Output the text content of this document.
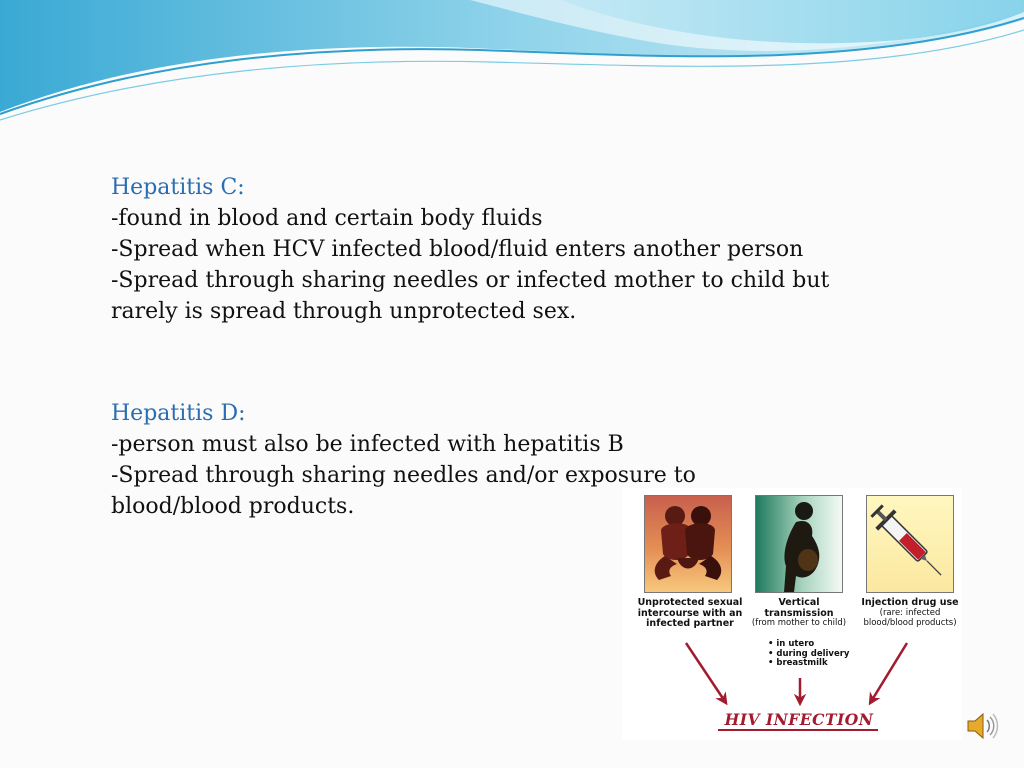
Hepatitis C:

-found in blood and certain body fluids

-Spread when HCV infected blood/fluid enters another person

-Spread through sharing needles or infected mother to child but rarely is spread through unprotected sex.

Hepatitis D:

-person must also be infected with hepatitis B

-Spread through sharing needles and/or exposure to blood/blood products.

Unprotected sexual intercourse with an infected partner
Vertical transmission
(from mother to child)
Injection drug use
(rare: infected blood/blood products)
• in utero
• during delivery
• breastmilk
HIV INFECTION
